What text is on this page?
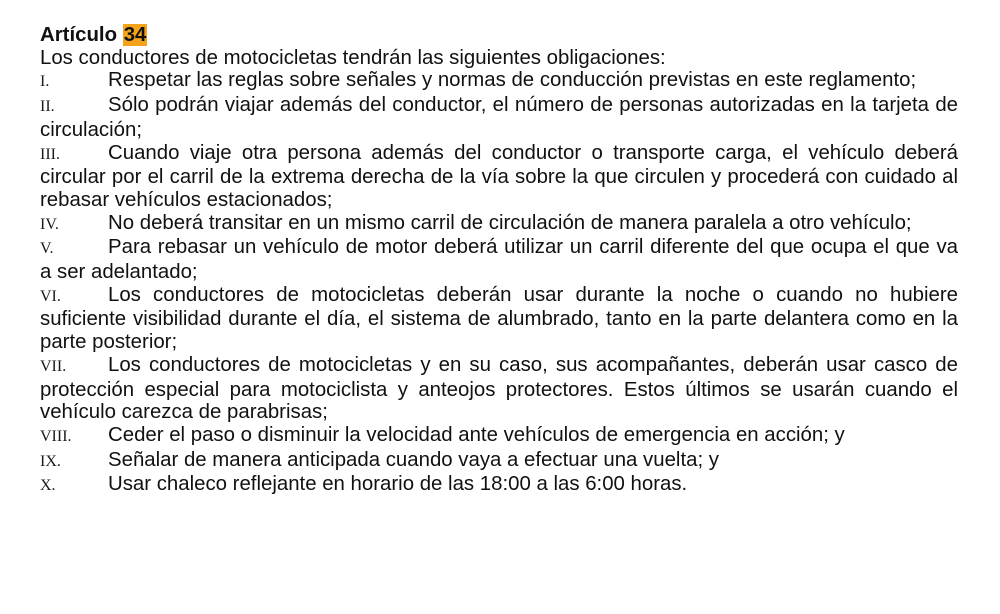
Artículo 34

Los conductores de motocicletas tendrán las siguientes obligaciones:

I.	Respetar las reglas sobre señales y normas de conducción previstas en este reglamento;

II.	Sólo podrán viajar además del conductor, el número de personas autorizadas en la tarjeta de circulación;

III. Cuando viaje otra persona además del conductor o transporte carga, el vehículo deberá circular por el carril de la extrema derecha de la vía sobre la que circulen y procederá con cuidado al rebasar vehículos estacionados;

IV. No deberá transitar en un mismo carril de circulación de manera paralela a otro vehículo;

V.	Para rebasar un vehículo de motor deberá utilizar un carril diferente del que ocupa el que va a ser adelantado;

VI. Los conductores de motocicletas deberán usar durante la noche o cuando no hubiere suficiente visibilidad durante el día, el sistema de alumbrado, tanto en la parte delantera como en la parte posterior;

VII. Los conductores de motocicletas y en su caso, sus acompañantes, deberán usar casco de protección especial para motociclista y anteojos protectores. Estos últimos se usarán cuando el vehículo carezca de parabrisas;

VIII. Ceder el paso o disminuir la velocidad ante vehículos de emergencia en acción; y

IX. Señalar de manera anticipada cuando vaya a efectuar una vuelta; y

X.	Usar chaleco reflejante en horario de las 18:00 a las 6:00 horas.
